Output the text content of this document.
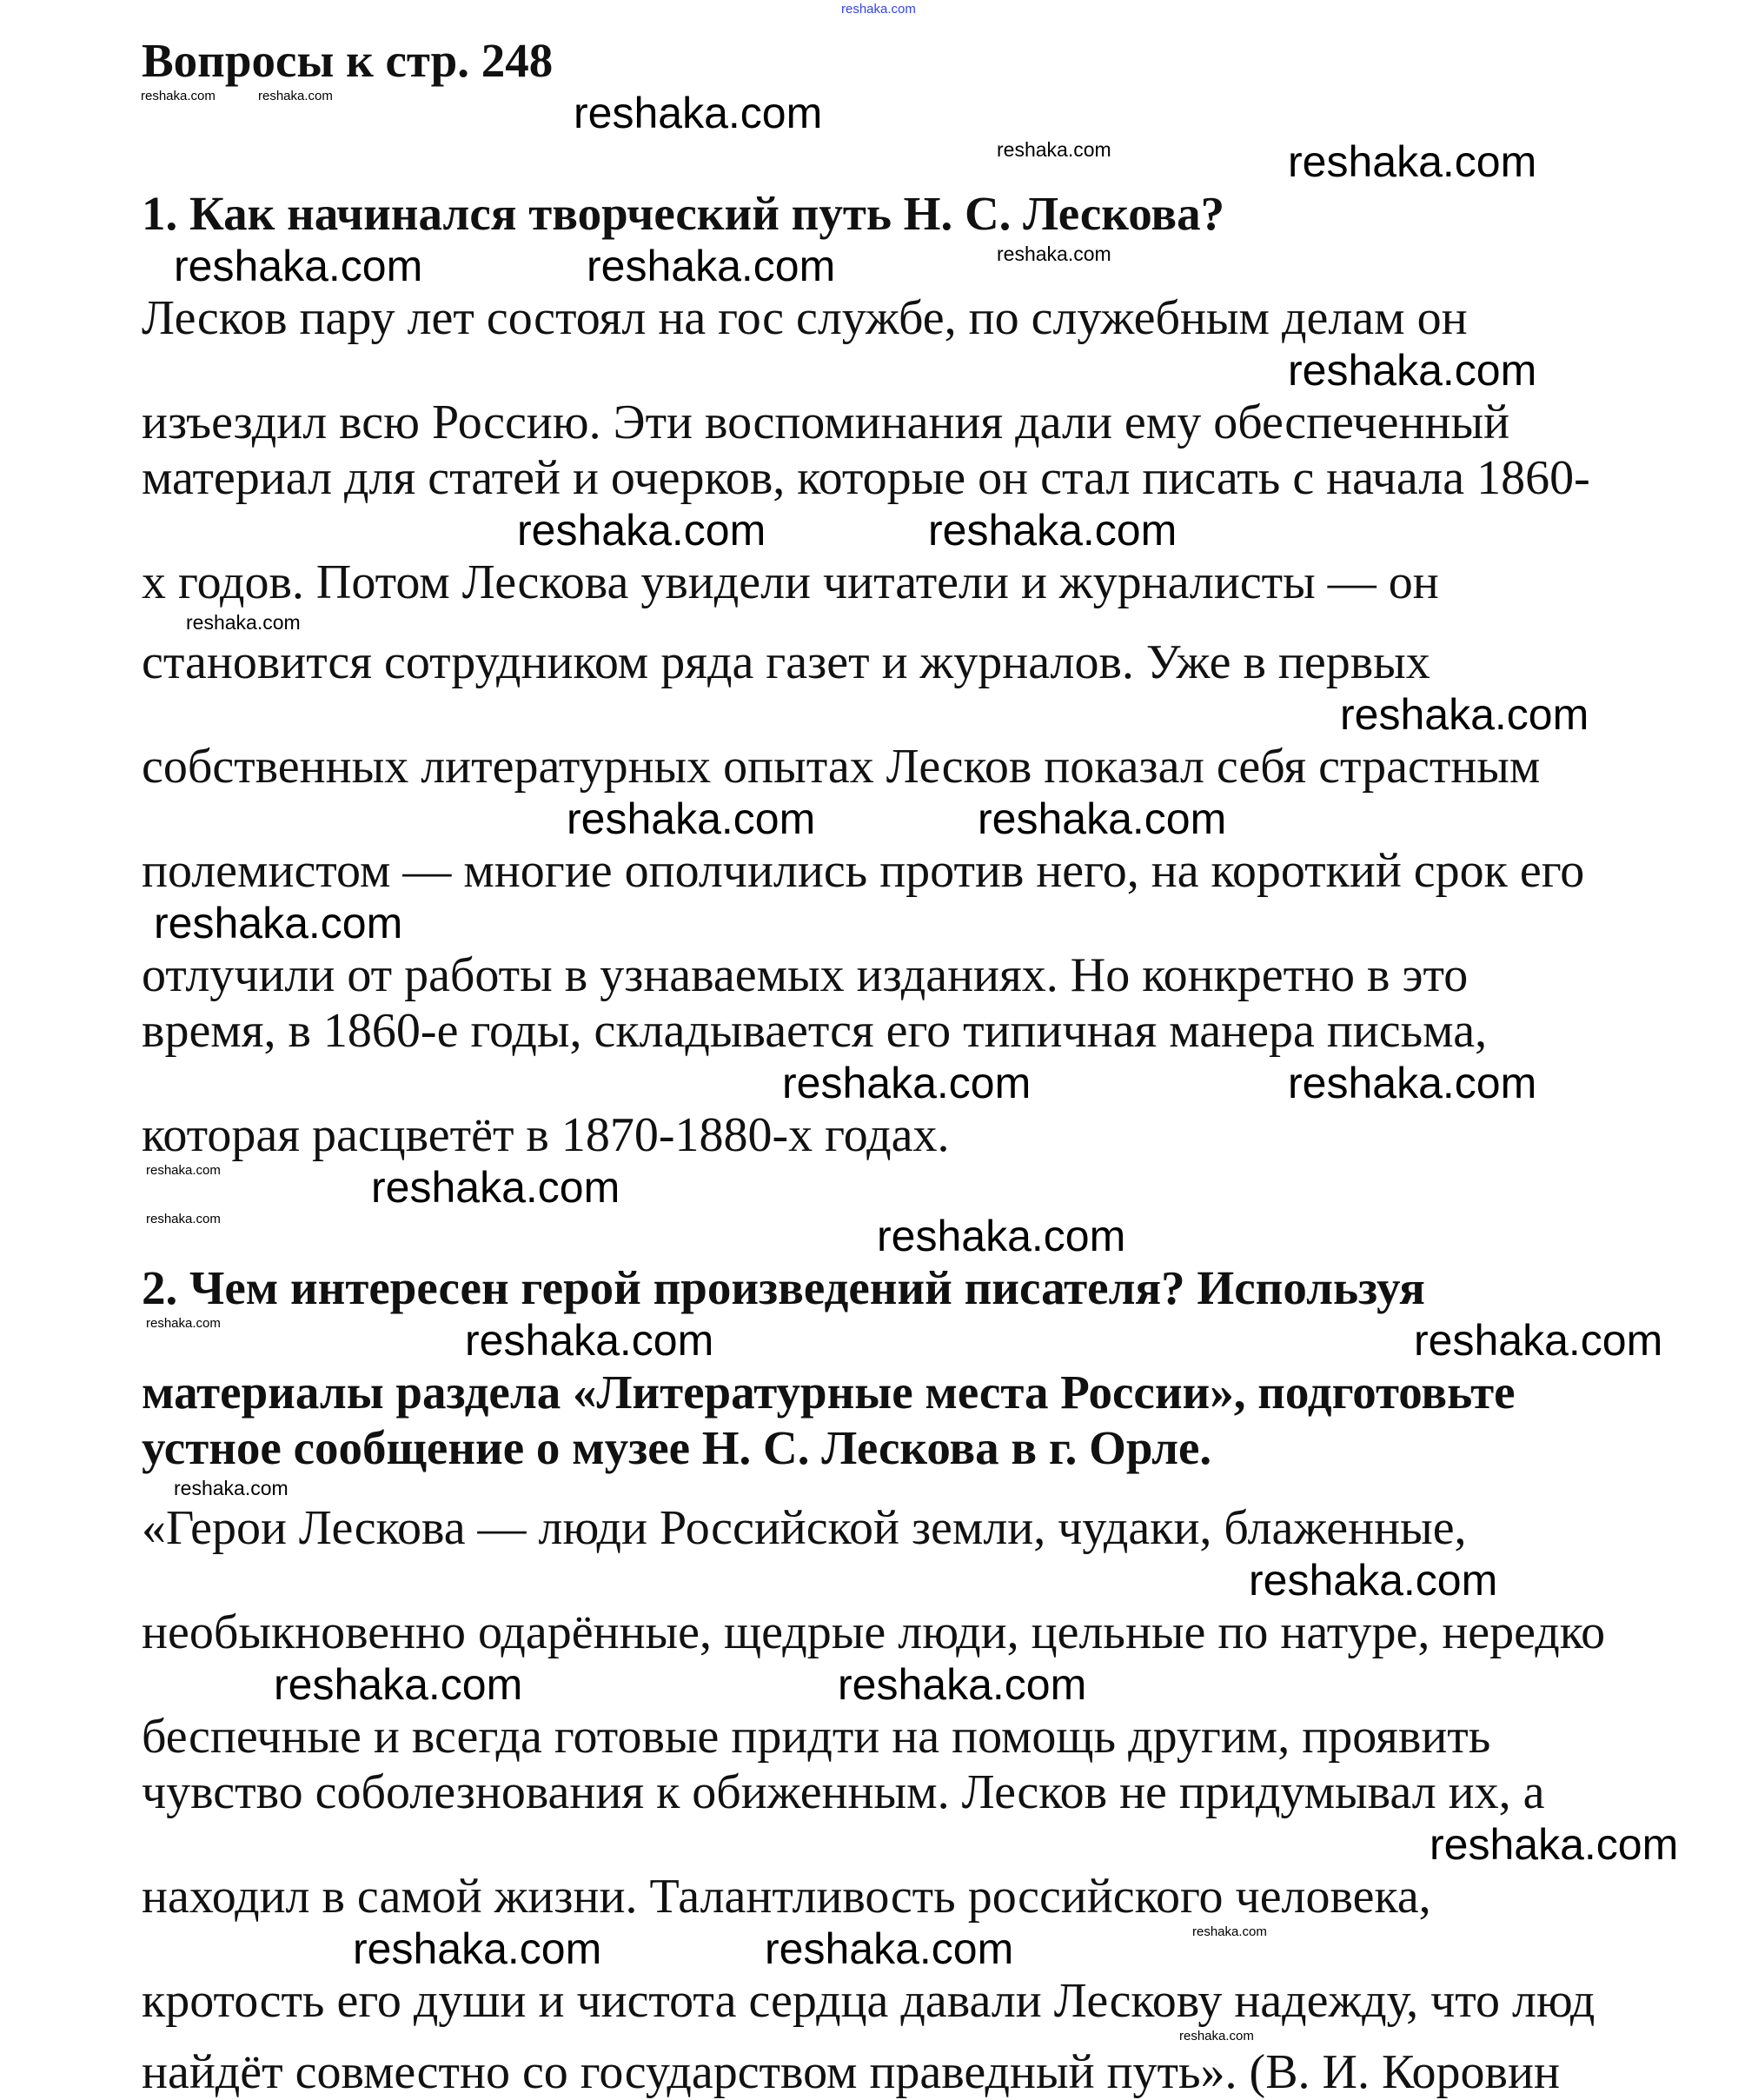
reshaka.com
Вопросы к стр. 248
reshaka.com	reshaka.com	reshaka.com
reshaka.com	reshaka.com
1. Как начинался творческий путь Н. С. Лескова?
reshaka.com	reshaka.com	reshaka.com
Лесков пару лет состоял на гос службе, по служебным делам он
reshaka.com
изъездил всю Россию. Эти воспоминания дали ему обеспеченный
материал для статей и очерков, которые он стал писать с начала 1860-
reshaka.com	reshaka.com
х годов. Потом Лескова увидели читатели и журналисты — он
reshaka.com
становится сотрудником ряда газет и журналов. Уже в первых
reshaka.com
собственных литературных опытах Лесков показал себя страстным
reshaka.com	reshaka.com
полемистом — многие ополчились против него, на короткий срок его
reshaka.com
отлучили от работы в узнаваемых изданиях. Но конкретно в это
время, в 1860-е годы, складывается его типичная манера письма,
reshaka.com	reshaka.com
которая расцветёт в 1870-1880-х годах.
reshaka.com	reshaka.com
reshaka.com	reshaka.com
2. Чем интересен герой произведений писателя? Используя
reshaka.com	reshaka.com	reshaka.com
материалы раздела «Литературные места России», подготовьте
устное сообщение о музее Н. С. Лескова в г. Орле.
reshaka.com
«Герои Лескова — люди Российской земли, чудаки, блаженные,
reshaka.com
необыкновенно одарённые, щедрые люди, цельные по натуре, нередко
reshaka.com	reshaka.com
беспечные и всегда готовые придти на помощь другим, проявить
чувство соболезнования к обиженным. Лесков не придумывал их, а
reshaka.com
находил в самой жизни. Талантливость российского человека,
reshaka.com	reshaka.com	reshaka.com
кротость его души и чистота сердца давали Лескову надежду, что люд
reshaka.com
найдёт совместно со государством праведный путь». (В. И. Коровин
